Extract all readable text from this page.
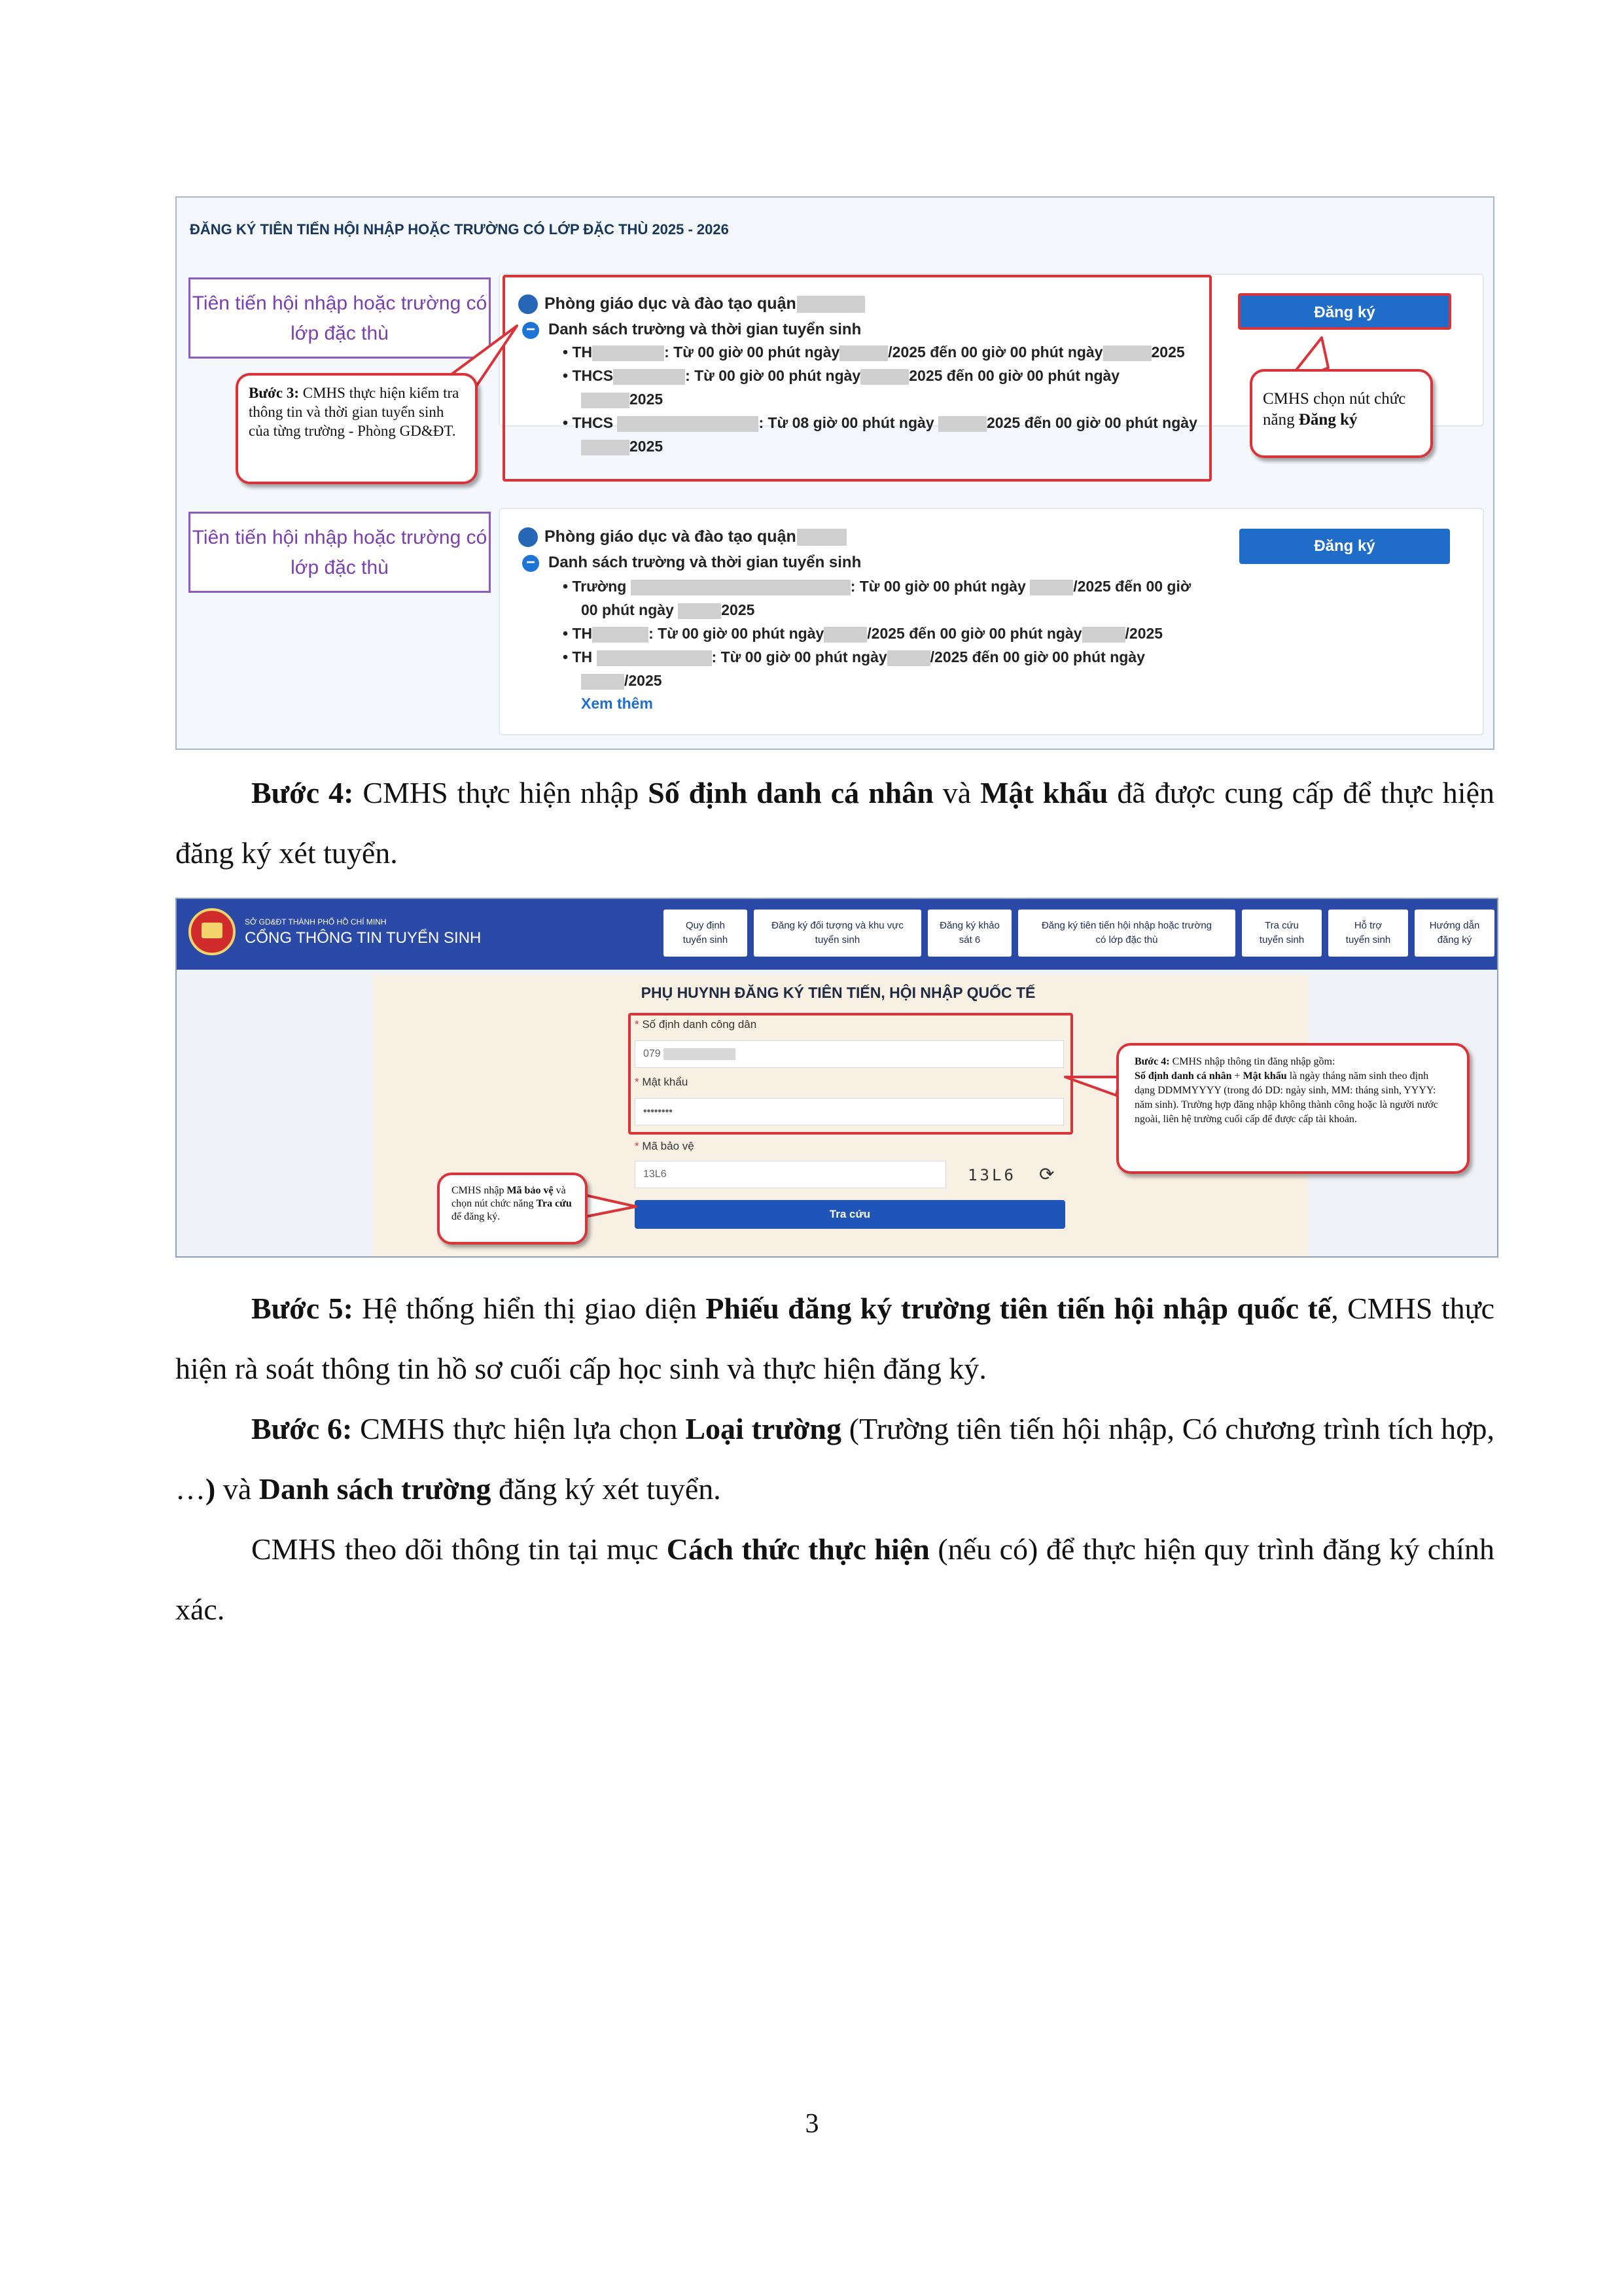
ĐĂNG KÝ TIÊN TIẾN HỘI NHẬP HOẶC TRƯỜNG CÓ LỚP ĐẶC THÙ 2025 - 2026
Tiên tiến hội nhập hoặc trường có lớp đặc thù
Phòng giáo dục và đào tạo quận
− Danh sách trường và thời gian tuyển sinh
• TH	: Từ 00 giờ 00 phút ngày	/2025 đến 00 giờ 00 phút ngày	2025
• THCS	: Từ 00 giờ 00 phút ngày	2025 đến 00 giờ 00 phút ngày
2025
• THCS	: Từ 08 giờ 00 phút ngày	2025 đến 00 giờ 00 phút ngày
2025
Đăng ký
Bước 3: CMHS thực hiện kiểm tra thông tin và thời gian tuyển sinh của từng trường - Phòng GD&ĐT.
CMHS chọn nút chức năng Đăng ký
Tiên tiến hội nhập hoặc trường có lớp đặc thù
Phòng giáo dục và đào tạo quận
− Danh sách trường và thời gian tuyển sinh
• Trường	: Từ 00 giờ 00 phút ngày	/2025 đến 00 giờ
00 phút ngày	2025
• TH	: Từ 00 giờ 00 phút ngày	/2025 đến 00 giờ 00 phút ngày	/2025
• TH	: Từ 00 giờ 00 phút ngày	/2025 đến 00 giờ 00 phút ngày
/2025
Xem thêm
Đăng ký
Bước 4: CMHS thực hiện nhập Số định danh cá nhân và Mật khẩu đã được cung cấp để thực hiện đăng ký xét tuyển.
SỞ GD&ĐT THÀNH PHỐ HỒ CHÍ MINH
CỔNG THÔNG TIN TUYỂN SINH
Quy định
tuyển sinh
Đăng ký đối tượng và khu vực
tuyển sinh
Đăng ký khảo
sát 6
Đăng ký tiên tiến hội nhập hoặc trường
có lớp đặc thù
Tra cứu
tuyển sinh
Hỗ trợ
tuyển sinh
Hướng dẫn
đăng ký
PHỤ HUYNH ĐĂNG KÝ TIÊN TIẾN, HỘI NHẬP QUỐC TẾ
* Số định danh công dân
079
* Mật khẩu
••••••••
* Mã bảo vệ
13L6	13L6	⟳
Tra cứu
Bước 4: CMHS nhập thông tin đăng nhập gồm:
Số định danh cá nhân + Mật khẩu là ngày tháng năm sinh theo định dạng DDMMYYYY (trong đó DD: ngày sinh, MM: tháng sinh, YYYY: năm sinh). Trường hợp đăng nhập không thành công hoặc là người nước ngoài, liên hệ trường cuối cấp để được cấp tài khoản.
CMHS nhập Mã bảo vệ và chọn nút chức năng Tra cứu để đăng ký.
Bước 5: Hệ thống hiển thị giao diện Phiếu đăng ký trường tiên tiến hội nhập quốc tế, CMHS thực hiện rà soát thông tin hồ sơ cuối cấp học sinh và thực hiện đăng ký.
Bước 6: CMHS thực hiện lựa chọn Loại trường (Trường tiên tiến hội nhập, Có chương trình tích hợp, …) và Danh sách trường đăng ký xét tuyển.
CMHS theo dõi thông tin tại mục Cách thức thực hiện (nếu có) để thực hiện quy trình đăng ký chính xác.
3
